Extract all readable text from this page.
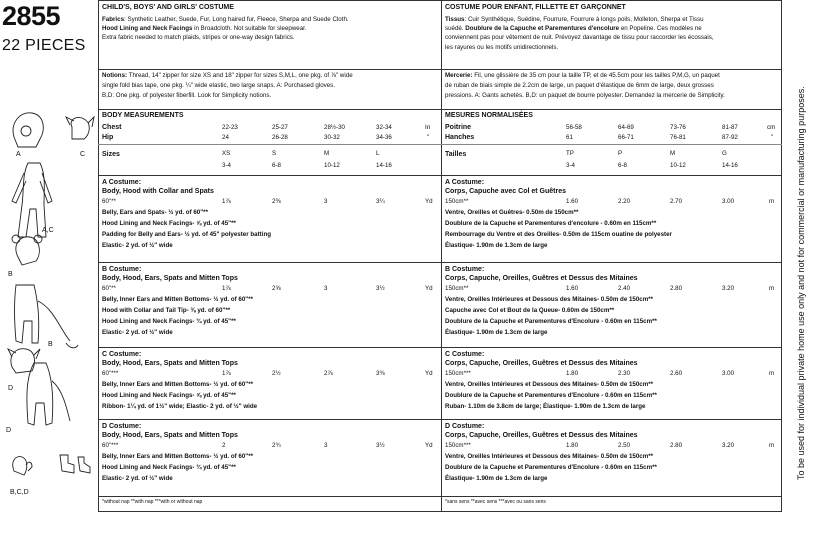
2855
22 PIECES
A	C
A,C
B
B
D
D
B,C,D
CHILD'S, BOYS' AND GIRLS' COSTUME
Fabrics: Synthetic Leather, Suede, Fur, Long haired fur, Fleece, Sherpa and Suede Cloth.
Hood Lining and Neck Facings in Broadcloth. Not suitable for sleepwear.
Extra fabric needed to match plaids, stripes or one-way design fabrics.
Notions: Thread, 14" zipper for size XS and 18" zipper for sizes S,M,L, one pkg. of ⅞" wide
single fold bias tape, one pkg. ¼" wide elastic, two large snaps. A: Purchased gloves.
B,D: One pkg. of polyester fiberfill. Look for Simplicity notions.
BODY MEASUREMENTS
Chest	22-23	25-27	28½-30	32-34	In
Hip	24	26-28	30-32	34-36	"
Sizes	XS	S	M	L
3-4	6-8	10-12	14-16
A Costume:
Body, Hood with Collar and Spats
60"**	1⅞	2⅜	3	3¼	Yd
Belly, Ears and Spats- ½ yd. of 60"**
Hood Lining and Neck Facings- ⅝ yd. of 45"**
Padding for Belly and Ears- ½ yd. of 45" polyester batting
Elastic- 2 yd. of ½" wide
B Costume:
Body, Hood, Ears, Spats and Mitten Tops
60"**	1⅞	2⅝	3	3½	Yd
Belly, Inner Ears and Mitten Bottoms- ½ yd. of 60"**
Hood with Collar and Tail Tip- ⅜ yd. of 60"**
Hood Lining and Neck Facings- ¾ yd. of 45"**
Elastic- 2 yd. of ½" wide
C Costume:
Body, Hood, Ears, Spats and Mitten Tops
60"***	1⅞	2½	2⅞	3⅜	Yd
Belly, Inner Ears and Mitten Bottoms- ½ yd. of 60"**
Hood Lining and Neck Facings- ⅝ yd. of 45"**
Ribbon- 1¼ yd. of 1½" wide; Elastic- 2 yd. of ½" wide
D Costume:
Body, Hood, Ears, Spats and Mitten Tops
60"***	2	2¾	3	3½	Yd
Belly, Inner Ears and Mitten Bottoms- ½ yd. of 60"**
Hood Lining and Neck Facings- ¾ yd. of 45"**
Elastic- 2 yd. of ½" wide
*without nap **with nap ***with or without nap
COSTUME POUR ENFANT, FILLETTE ET GARÇONNET
Tissus: Cuir Synthétique, Suédine, Fourrure, Fourrure à longs poils, Molleton, Sherpa et Tissu
suédé. Doublure de la Capuche et Parementures d'encolure en Popeline. Ces modèles ne
conviennent pas pour vêtement de nuit. Prévoyez davantage de tissu pour raccorder les écossais,
les rayures ou les motifs unidirectionnels.
Mercerie: Fil, une glissière de 35 cm pour la taille TP, et de 45.5cm pour les tailles P,M,G, un paquet
de ruban de biais simple de 2.2cm de large, un paquet d'élastique de 6mm de large, deux grosses
pressions. A: Gants achetés. B,D: un paquet de bourre polyester. Demandez la mercerie de Simplicity.
MESURES NORMALISÉES
Poitrine	56-58	64-69	73-76	81-87	cm
Hanches	61	66-71	76-81	87-92	"
Tailles	TP	P	M	G
3-4	6-8	10-12	14-16
A Costume:
Corps, Capuche avec Col et Guêtres
150cm**	1.60	2.20	2.70	3.00	m
Ventre, Oreilles et Guêtres- 0.50m de 150cm**
Doublure de la Capuche et Parementures d'encolure - 0.60m en 115cm**
Rembourrage du Ventre et des Oreilles- 0.50m de 115cm ouatine de polyester
Élastique- 1.90m de 1.3cm de large
B Costume:
Corps, Capuche, Oreilles, Guêtres et Dessus des Mitaines
150cm**	1.60	2.40	2.80	3.20	m
Ventre, Oreilles Intérieures et Dessous des Mitaines- 0.50m de 150cm**
Capuche avec Col et Bout de la Queue- 0.60m de 150cm**
Doublure de la Capuche et Parementures d'Encolure - 0.60m en 115cm**
Élastique- 1.90m de 1.3cm de large
C Costume:
Corps, Capuche, Oreilles, Guêtres et Dessus des Mitaines
150cm***	1.80	2.30	2.60	3.00	m
Ventre, Oreilles Intérieures et Dessous des Mitaines- 0.50m de 150cm**
Doublure de la Capuche et Parementures d'Encolure - 0.60m en 115cm**
Ruban- 1.10m de 3.8cm de large; Élastique- 1.90m de 1.3cm de large
D Costume:
Corps, Capuche, Oreilles, Guêtres et Dessus des Mitaines
150cm***	1.80	2.50	2.80	3.20	m
Ventre, Oreilles Intérieures et Dessous des Mitaines- 0.50m de 150cm**
Doublure de la Capuche et Parementures d'Encolure - 0.60m en 115cm**
Élastique- 1.90m de 1.3cm de large
*sans sens **avec sens ***avec ou sans sens
To be used for individual private home use only and not for commercial or manufacturing purposes.
